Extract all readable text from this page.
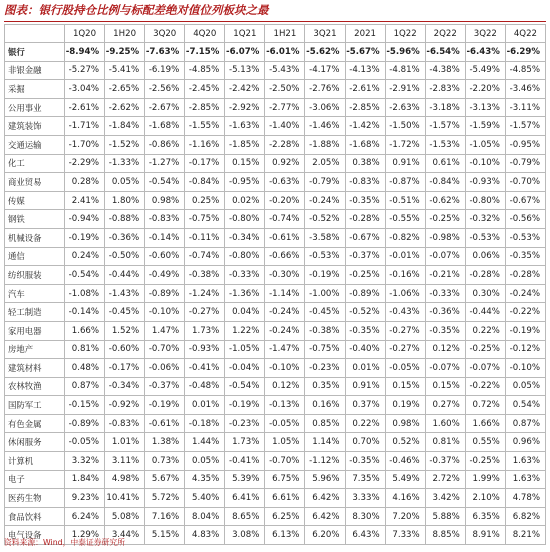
图表：银行股持仓比例与标配差绝对值位列板块之最
	1Q20	1H20	3Q20	4Q20	1Q21	1H21	3Q21	2021	1Q22	2Q22	3Q22	4Q22
银行	-8.94%	-9.25%	-7.63%	-7.15%	-6.07%	-6.01%	-5.62%	-5.67%	-5.96%	-6.54%	-6.43%	-6.29%
非银金融	-5.27%	-5.41%	-6.19%	-4.85%	-5.13%	-5.43%	-4.17%	-4.13%	-4.81%	-4.38%	-5.49%	-4.85%
采掘	-3.04%	-2.65%	-2.56%	-2.45%	-2.42%	-2.50%	-2.76%	-2.61%	-2.91%	-2.83%	-2.20%	-3.46%
公用事业	-2.61%	-2.62%	-2.67%	-2.85%	-2.92%	-2.77%	-3.06%	-2.85%	-2.63%	-3.18%	-3.13%	-3.11%
建筑装饰	-1.71%	-1.84%	-1.68%	-1.55%	-1.63%	-1.40%	-1.46%	-1.42%	-1.50%	-1.57%	-1.59%	-1.57%
交通运输	-1.70%	-1.52%	-0.86%	-1.16%	-1.85%	-2.28%	-1.88%	-1.68%	-1.72%	-1.53%	-1.05%	-0.95%
化工	-2.29%	-1.33%	-1.27%	-0.17%	0.15%	0.92%	2.05%	0.38%	0.91%	0.61%	-0.10%	-0.79%
商业贸易	0.28%	0.05%	-0.54%	-0.84%	-0.95%	-0.63%	-0.79%	-0.83%	-0.87%	-0.84%	-0.93%	-0.70%
传媒	2.41%	1.80%	0.98%	0.25%	0.02%	-0.20%	-0.24%	-0.35%	-0.51%	-0.62%	-0.80%	-0.67%
钢铁	-0.94%	-0.88%	-0.83%	-0.75%	-0.80%	-0.74%	-0.52%	-0.28%	-0.55%	-0.25%	-0.32%	-0.56%
机械设备	-0.19%	-0.36%	-0.14%	-0.11%	-0.34%	-0.61%	-3.58%	-0.67%	-0.82%	-0.98%	-0.53%	-0.53%
通信	0.24%	-0.50%	-0.60%	-0.74%	-0.80%	-0.66%	-0.53%	-0.37%	-0.01%	-0.07%	0.06%	-0.35%
纺织服装	-0.54%	-0.44%	-0.49%	-0.38%	-0.33%	-0.30%	-0.19%	-0.25%	-0.16%	-0.21%	-0.28%	-0.28%
汽车	-1.08%	-1.43%	-0.89%	-1.24%	-1.36%	-1.14%	-1.00%	-0.89%	-1.06%	-0.33%	0.30%	-0.24%
轻工制造	-0.14%	-0.45%	-0.10%	-0.27%	0.04%	-0.24%	-0.45%	-0.52%	-0.43%	-0.36%	-0.44%	-0.22%
家用电器	1.66%	1.52%	1.47%	1.73%	1.22%	-0.24%	-0.38%	-0.35%	-0.27%	-0.35%	0.22%	-0.19%
房地产	0.81%	-0.60%	-0.70%	-0.93%	-1.05%	-1.47%	-0.75%	-0.40%	-0.27%	0.12%	-0.25%	-0.12%
建筑材料	0.48%	-0.17%	-0.06%	-0.41%	-0.04%	-0.10%	-0.23%	0.01%	-0.05%	-0.07%	-0.07%	-0.10%
农林牧渔	0.87%	-0.34%	-0.37%	-0.48%	-0.54%	0.12%	0.35%	0.91%	0.15%	0.15%	-0.22%	0.05%
国防军工	-0.15%	-0.92%	-0.19%	0.01%	-0.19%	-0.13%	0.16%	0.37%	0.19%	0.27%	0.72%	0.54%
有色金属	-0.89%	-0.83%	-0.61%	-0.18%	-0.23%	-0.05%	0.85%	0.22%	0.98%	1.60%	1.66%	0.87%
休闲服务	-0.05%	1.01%	1.38%	1.44%	1.73%	1.05%	1.14%	0.70%	0.52%	0.81%	0.55%	0.96%
计算机	3.32%	3.11%	0.73%	0.05%	-0.41%	-0.70%	-1.12%	-0.35%	-0.46%	-0.37%	-0.25%	1.63%
电子	1.84%	4.98%	5.67%	4.35%	5.39%	6.75%	5.96%	7.35%	5.49%	2.72%	1.99%	1.63%
医药生物	9.23%	10.41%	5.72%	5.40%	6.41%	6.61%	6.42%	3.33%	4.16%	3.42%	2.10%	4.78%
食品饮料	6.24%	5.08%	7.16%	8.04%	8.65%	6.25%	6.42%	8.30%	7.20%	5.88%	6.35%	6.82%
电气设备	1.29%	3.44%	5.15%	4.83%	3.08%	6.13%	6.20%	6.43%	7.33%	8.85%	8.91%	8.21%
资料来源：Wind，中泰证券研究所
